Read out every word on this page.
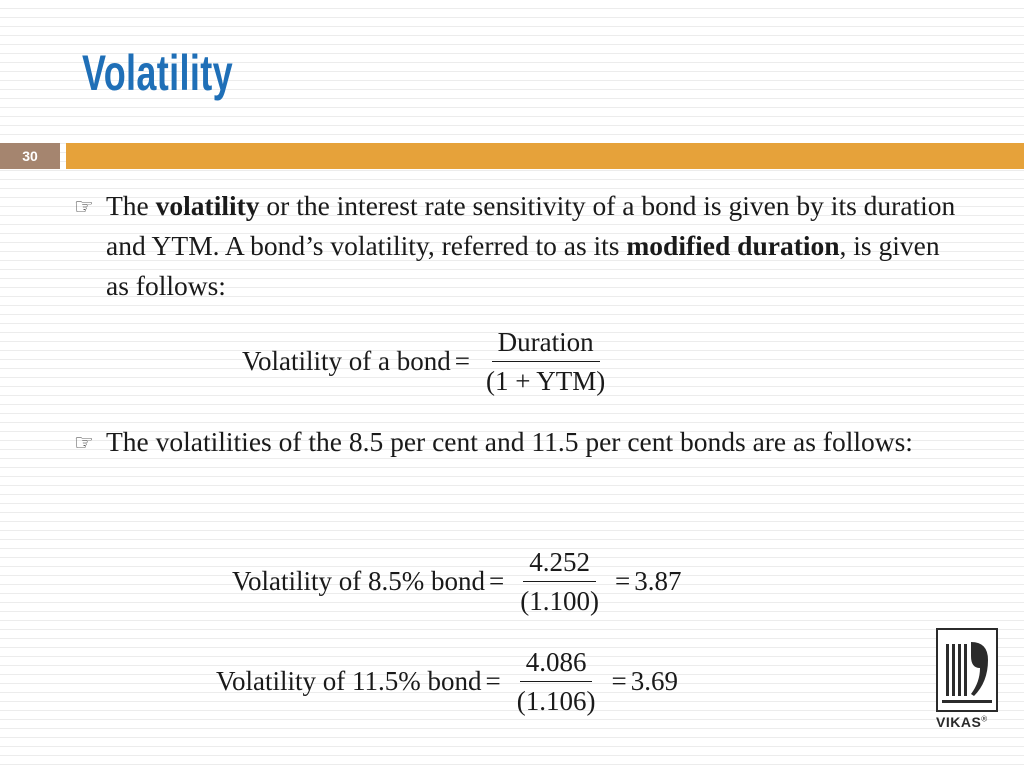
Volatility
30
☞ The volatility or the interest rate sensitivity of a bond is given by its duration and YTM. A bond’s volatility, referred to as its modified duration, is given as follows:
Volatility of a bond = $\frac{\text{Duration}}{\text{(1 + YTM)}}$
☞ The volatilities of the 8.5 per cent and 11.5 per cent bonds are as follows:
Volatility of 8.5% bond = $\frac{4.252}{(1.100)} = 3.87$
Volatility of 11.5% bond = $\frac{4.086}{(1.106)} = 3.69$
VIKAS®
